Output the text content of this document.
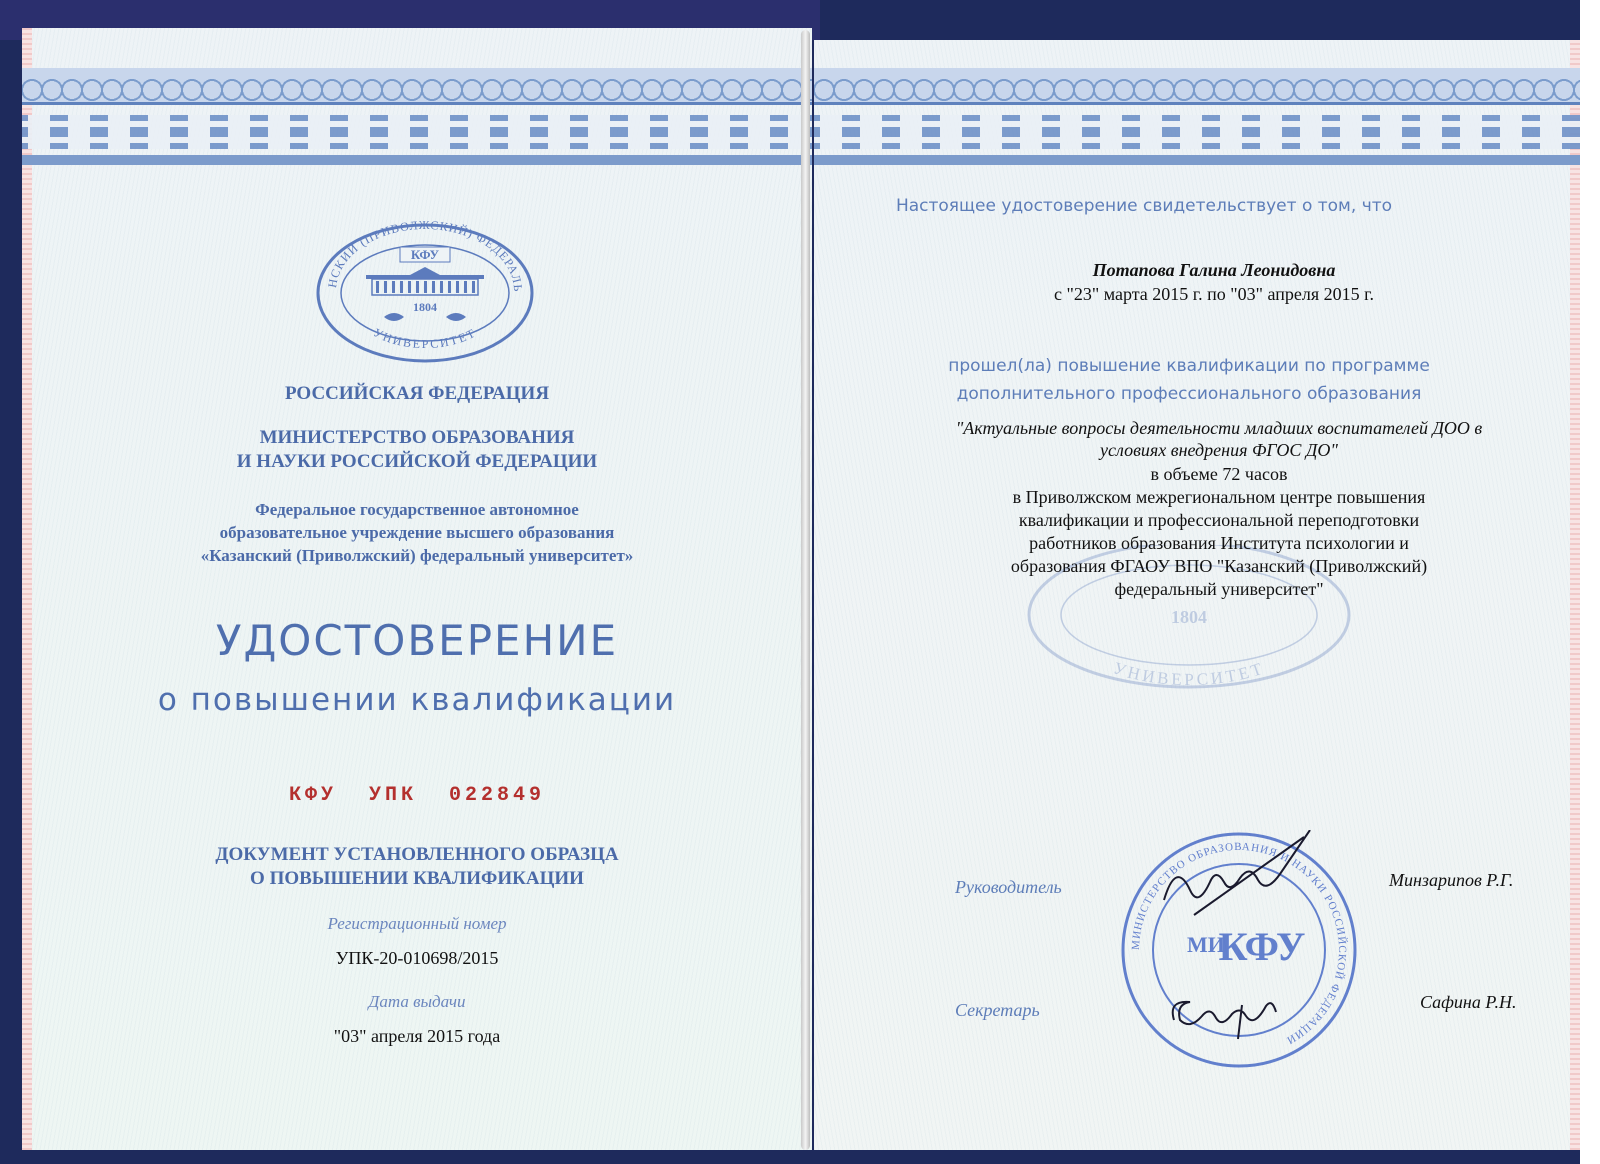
НСКИЙ (ПРИВОЛЖСКИЙ) ФЕДЕРАЛЬ
КФУ
1804
УНИВЕРСИТЕТ
РОССИЙСКАЯ ФЕДЕРАЦИЯ
МИНИСТЕРСТВО ОБРАЗОВАНИЯ
И НАУКИ РОССИЙСКОЙ ФЕДЕРАЦИИ
Федеральное государственное автономное
образовательное учреждение высшего образования
«Казанский (Приволжский) федеральный университет»
УДОСТОВЕРЕНИЕ
о повышении квалификации
КФУ  УПК  022849
ДОКУМЕНТ УСТАНОВЛЕННОГО ОБРАЗЦА
О ПОВЫШЕНИИ КВАЛИФИКАЦИИ
Регистрационный номер
УПК-20-010698/2015
Дата выдачи
"03" апреля 2015 года
1804
УНИВЕРСИТЕТ
Настоящее удостоверение свидетельствует о том, что
Потапова Галина Леонидовна
с "23" марта 2015 г. по "03" апреля 2015 г.
прошел(ла) повышение квалификации по программе
дополнительного профессионального образования
"Актуальные вопросы деятельности младших воспитателей ДОО в
условиях внедрения ФГОС ДО"
в объеме 72 часов
в Приволжском межрегиональном центре повышения
квалификации и профессиональной переподготовки
работников образования Института психологии и
образования ФГАОУ ВПО "Казанский (Приволжский)
федеральный университет"
Руководитель	Минзарипов Р.Г.
Секретарь	Сафина Р.Н.
МИНИСТЕРСТВО ОБРАЗОВАНИЯ И НАУКИ РОССИЙСКОЙ ФЕДЕРАЦИИ
МИ
КФУ
